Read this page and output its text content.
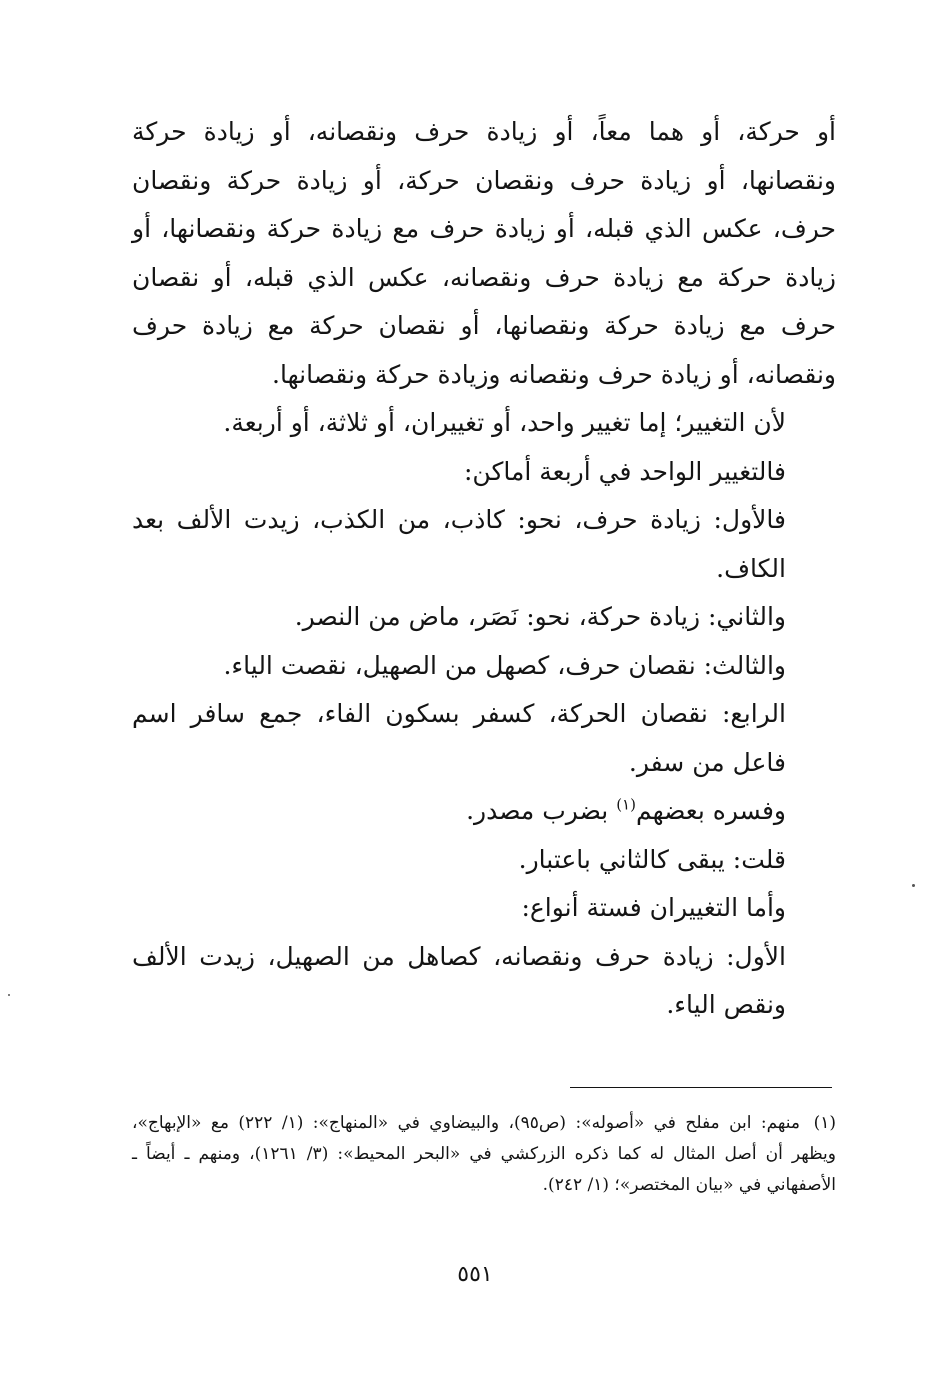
أو حركة، أو هما معاً، أو زيادة حرف ونقصانه، أو زيادة حركة ونقصانها، أو زيادة حرف ونقصان حركة، أو زيادة حركة ونقصان حرف، عكس الذي قبله، أو زيادة حرف مع زيادة حركة ونقصانها، أو زيادة حركة مع زيادة حرف ونقصانه، عكس الذي قبله، أو نقصان حرف مع زيادة حركة ونقصانها، أو نقصان حركة مع زيادة حرف ونقصانه، أو زيادة حرف ونقصانه وزيادة حركة ونقصانها.

لأن التغيير؛ إما تغيير واحد، أو تغييران، أو ثلاثة، أو أربعة.

فالتغيير الواحد في أربعة أماكن:

فالأول: زيادة حرف، نحو: كاذب، من الكذب، زيدت الألف بعد الكاف.

والثاني: زيادة حركة، نحو: نَصَر، ماض من النصر.

والثالث: نقصان حرف، كصهل من الصهيل، نقصت الياء.

الرابع: نقصان الحركة، كسفر بسكون الفاء، جمع سافر اسم فاعل من سفر.

وفسره بعضهم$^{(١)}$ بضرب مصدر.

قلت: يبقى كالثاني باعتبار.

وأما التغييران فستة أنواع:

الأول: زيادة حرف ونقصانه، كصاهل من الصهيل، زيدت الألف ونقص الياء.

(١)منهم: ابن مفلح في «أصوله»: (ص٩٥)، والبيضاوي في «المنهاج»: (١/ ٢٢٢) مع «الإبهاج»، ويظهر أن أصل المثال له كما ذكره الزركشي في «البحر المحيط»: (٣/ ١٢٦١)، ومنهم ـ أيضاً ـ الأصفهاني في «بيان المختصر»؛ (١/ ٢٤٢).

٥٥١
